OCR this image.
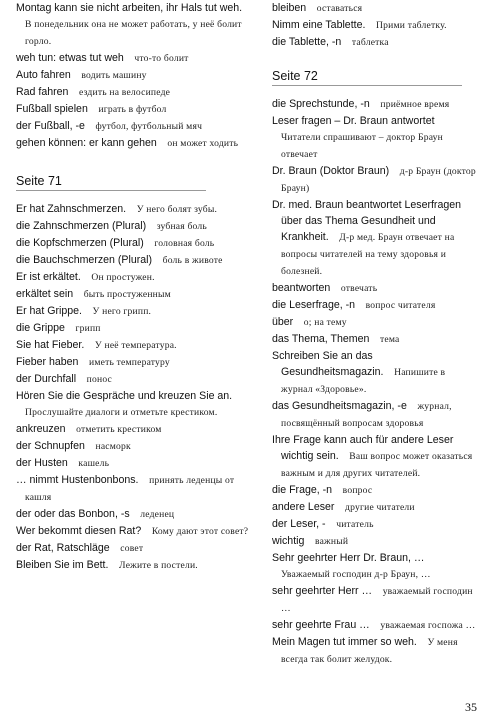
Montag kann sie nicht arbeiten, ihr Hals tut weh. В понедельник она не может работать, у неё болит горло.
weh tun: etwas tut weh  что-то болит
Auto fahren  водить машину
Rad fahren  ездить на велосипеде
Fußball spielen  играть в футбол
der Fußball, -e  футбол, футбольный мяч
gehen können: er kann gehen  он может ходить
Seite 71
Er hat Zahnschmerzen.  У него болят зубы.
die Zahnschmerzen (Plural)  зубная боль
die Kopfschmerzen (Plural)  головная боль
die Bauchschmerzen (Plural)  боль в животе
Er ist erkältet.  Он простужен.
erkältet sein  быть простуженным
Er hat Grippe.  У него грипп.
die Grippe  грипп
Sie hat Fieber.  У неё температура.
Fieber haben  иметь температуру
der Durchfall  понос
Hören Sie die Gespräche und kreuzen Sie an. Прослушайте диалоги и отметьте крестиком.
ankreuzen  отметить крестиком
der Schnupfen  насморк
der Husten  кашель
… nimmt Hustenbonbons.  принять леденцы от кашля
der oder das Bonbon, -s  леденец
Wer bekommt diesen Rat?  Кому дают этот совет?
der Rat, Ratschläge  совет
Bleiben Sie im Bett.  Лежите в постели.
bleiben  оставаться
Nimm eine Tablette.  Прими таблетку.
die Tablette, -n  таблетка
Seite 72
die Sprechstunde, -n  приёмное время
Leser fragen – Dr. Braun antwortet Читатели спрашивают – доктор Браун отвечает
Dr. Braun (Doktor Braun)  д-р Браун (доктор Браун)
Dr. med. Braun beantwortet Leserfragen über das Thema Gesundheit und Krankheit.  Д-р мед. Браун отвечает на вопросы читателей на тему здоровья и болезней.
beantworten  отвечать
die Leserfrage, -n  вопрос читателя
über  о; на тему
das Thema, Themen  тема
Schreiben Sie an das Gesundheitsmagazin.  Напишите в журнал «Здоровье».
das Gesundheitsmagazin, -e  журнал, посвящённый вопросам здоровья
Ihre Frage kann auch für andere Leser wichtig sein.  Ваш вопрос может оказаться важным и для других читателей.
die Frage, -n  вопрос
andere Leser  другие читатели
der Leser, -  читатель
wichtig  важный
Sehr geehrter Herr Dr. Braun, … Уважаемый господин д-р Браун, …
sehr geehrter Herr …  уважаемый господин …
sehr geehrte Frau …  уважаемая госпожа …
Mein Magen tut immer so weh.  У меня всегда так болит желудок.
35
